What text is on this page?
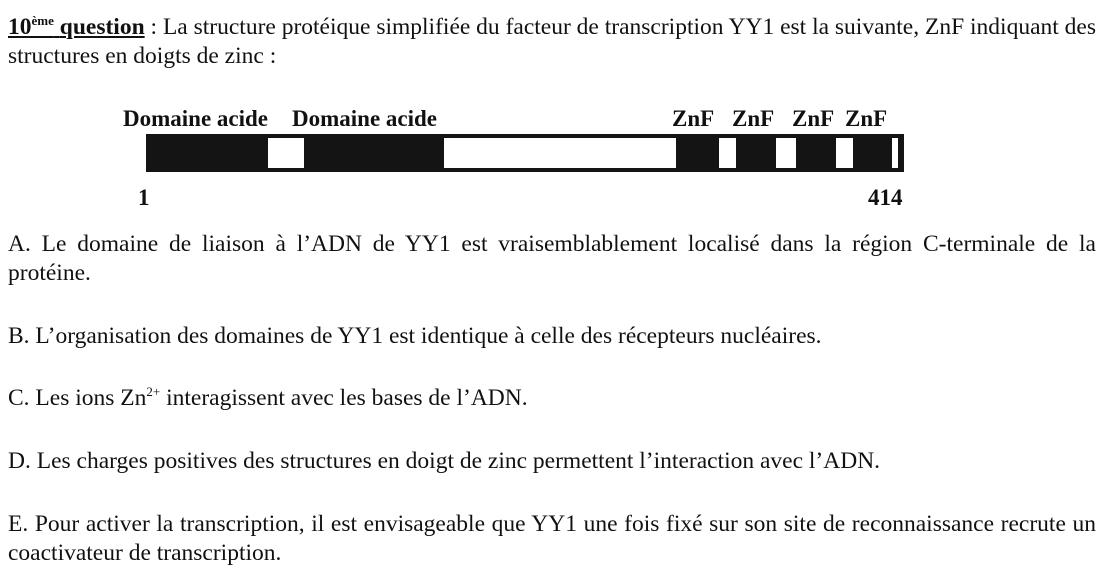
10ème question : La structure protéique simplifiée du facteur de transcription YY1 est la suivante, ZnF indiquant des structures en doigts de zinc :

Domaine acide Domaine acide	ZnF ZnF ZnF ZnF
1	414

A. Le domaine de liaison à l’ADN de YY1 est vraisemblablement localisé dans la région C-terminale de la protéine.

B. L’organisation des domaines de YY1 est identique à celle des récepteurs nucléaires.

C. Les ions $Zn^{2+}$ interagissent avec les bases de l’ADN.

D. Les charges positives des structures en doigt de zinc permettent l’interaction avec l’ADN.

E. Pour activer la transcription, il est envisageable que YY1 une fois fixé sur son site de reconnaissance recrute un coactivateur de transcription.
